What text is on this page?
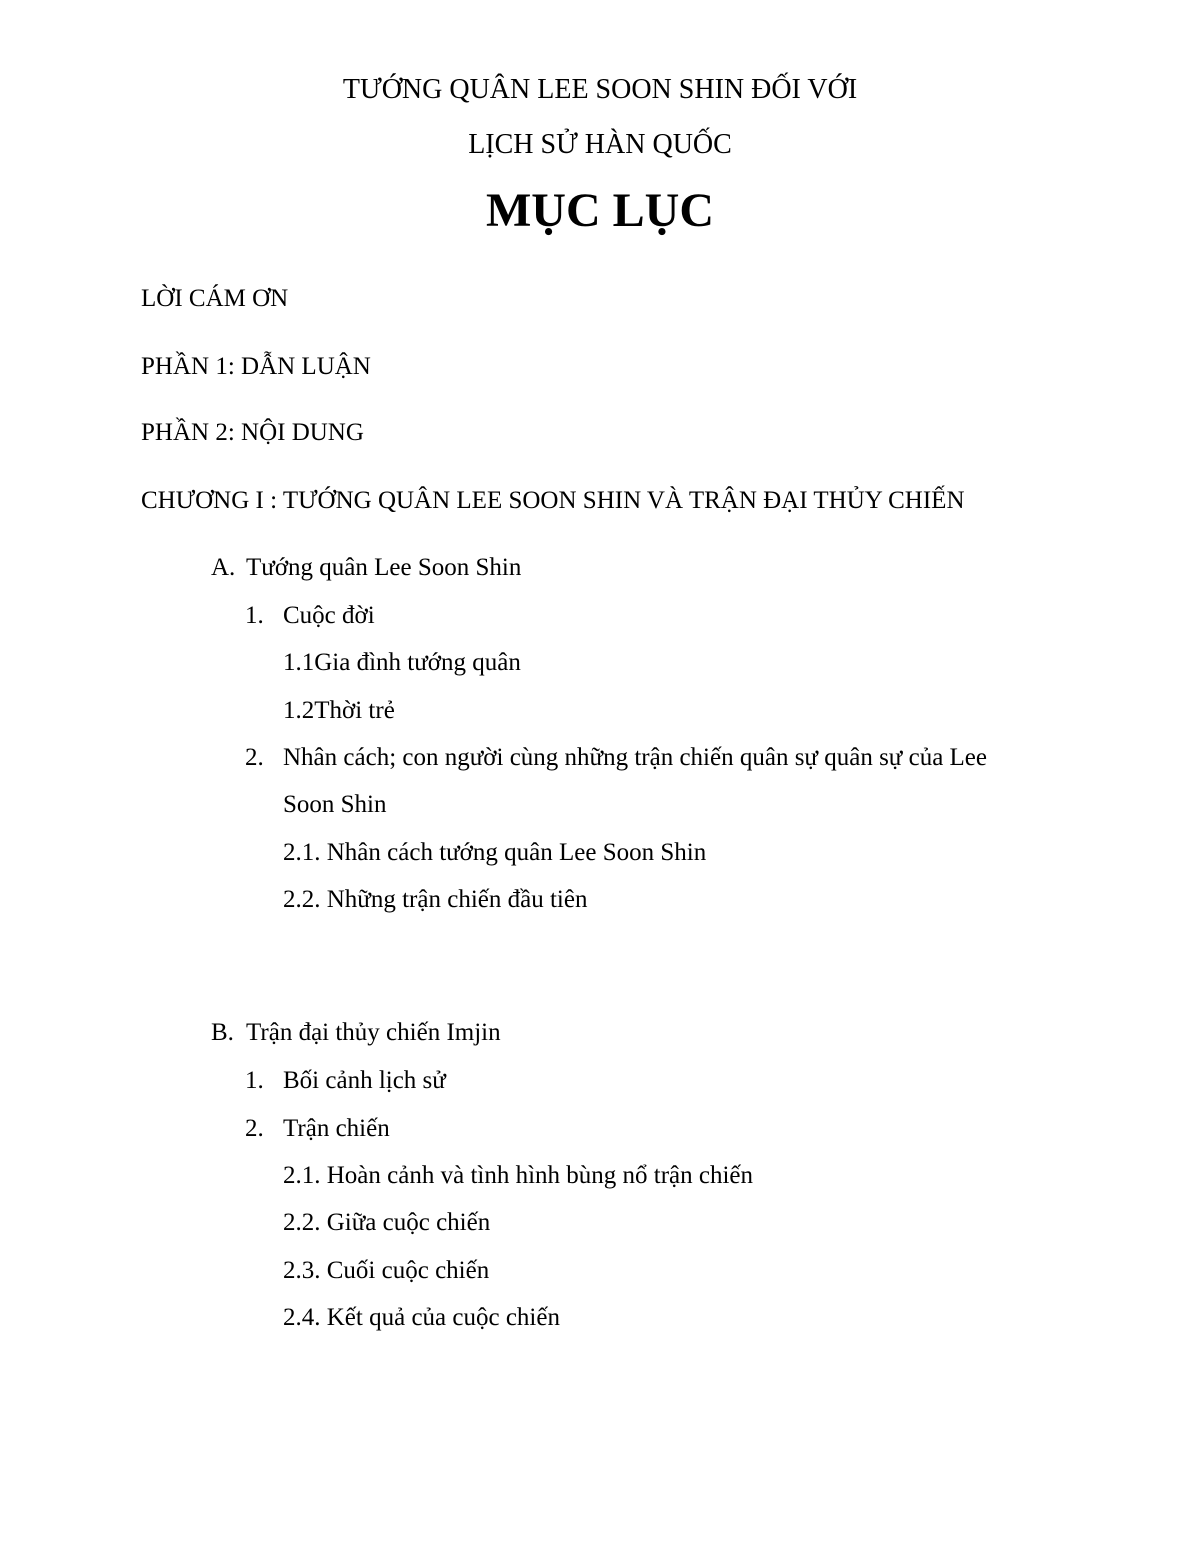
TƯỚNG QUÂN LEE SOON SHIN ĐỐI VỚI
LỊCH SỬ HÀN QUỐC
MỤC LỤC
LỜI CÁM ƠN
PHẦN 1: DẪN LUẬN
PHẦN 2: NỘI DUNG
CHƯƠNG I : TƯỚNG QUÂN LEE SOON SHIN VÀ TRẬN ĐẠI THỦY CHIẾN
A. Tướng quân Lee Soon Shin
1. Cuộc đời
1.1Gia đình tướng quân
1.2Thời trẻ
2. Nhân cách; con người cùng những trận chiến quân sự quân sự của Lee
Soon Shin
2.1. Nhân cách tướng quân Lee Soon Shin
2.2. Những trận chiến đầu tiên
B. Trận đại thủy chiến Imjin
1. Bối cảnh lịch sử
2. Trận chiến
2.1. Hoàn cảnh và tình hình bùng nổ trận chiến
2.2. Giữa cuộc chiến
2.3. Cuối cuộc chiến
2.4. Kết quả của cuộc chiến
